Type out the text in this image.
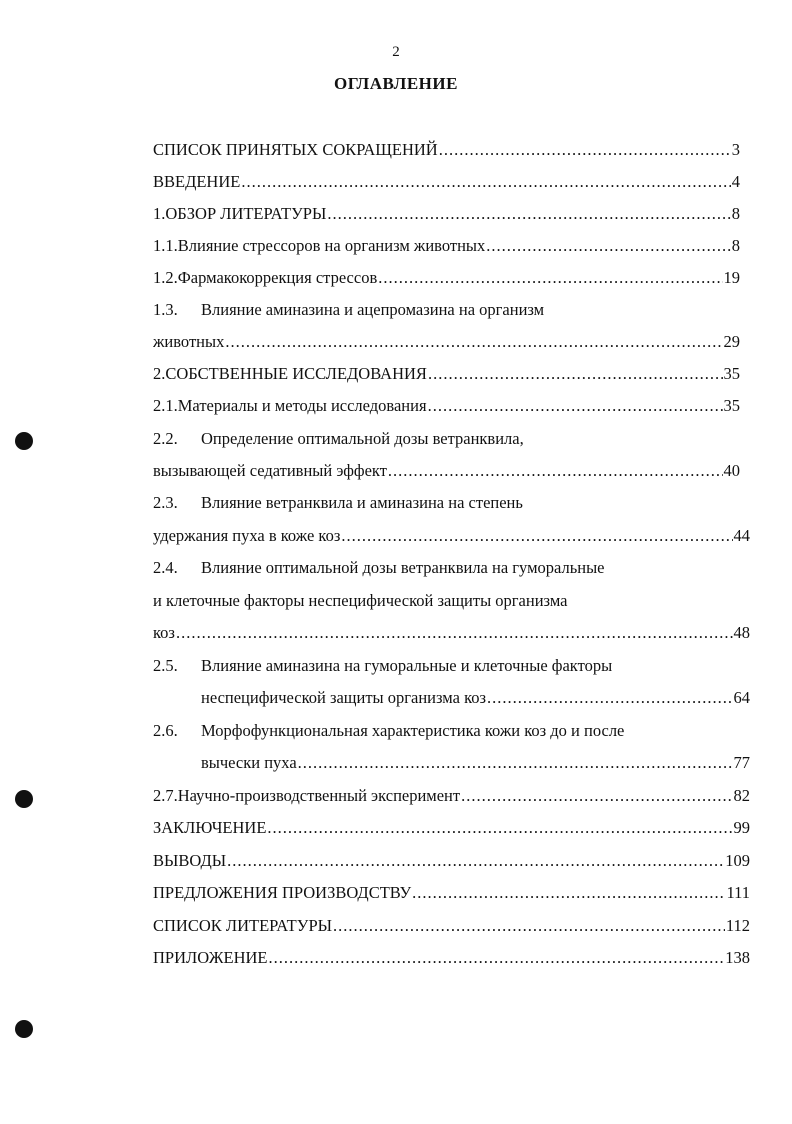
2
ОГЛАВЛЕНИЕ
СПИСОК ПРИНЯТЫХ СОКРАЩЕНИЙ .....	3
ВВЕДЕНИЕ .....	4
1. ОБЗОР ЛИТЕРАТУРЫ .....	8
1.1. Влияние стрессоров на организм животных .....	8
1.2. Фармакокоррекция стрессов .....	19
1.3.	Влияние аминазина и ацепромазина на организм
животных .....	29
2. СОБСТВЕННЫЕ ИССЛЕДОВАНИЯ .....	35
2.1. Материалы и методы исследования .....	35
2.2.	Определение оптимальной дозы ветранквила,
вызывающей седативный эффект .....	40
2.3.	Влияние ветранквила и аминазина на степень
удержания пуха в коже коз .....	44
2.4.	Влияние оптимальной дозы ветранквила на гуморальные
и клеточные факторы неспецифической защиты организма
коз .....	48
2.5.	Влияние аминазина на гуморальные и клеточные факторы
неспецифической защиты организма коз .....	64
2.6.	Морфофункциональная характеристика кожи коз до и после
вычески пуха .....	77
2.7. Научно-производственный эксперимент .....	82
ЗАКЛЮЧЕНИЕ .....	99
ВЫВОДЫ .....	109
ПРЕДЛОЖЕНИЯ ПРОИЗВОДСТВУ .....	111
СПИСОК ЛИТЕРАТУРЫ .....	112
ПРИЛОЖЕНИЕ .....	138
